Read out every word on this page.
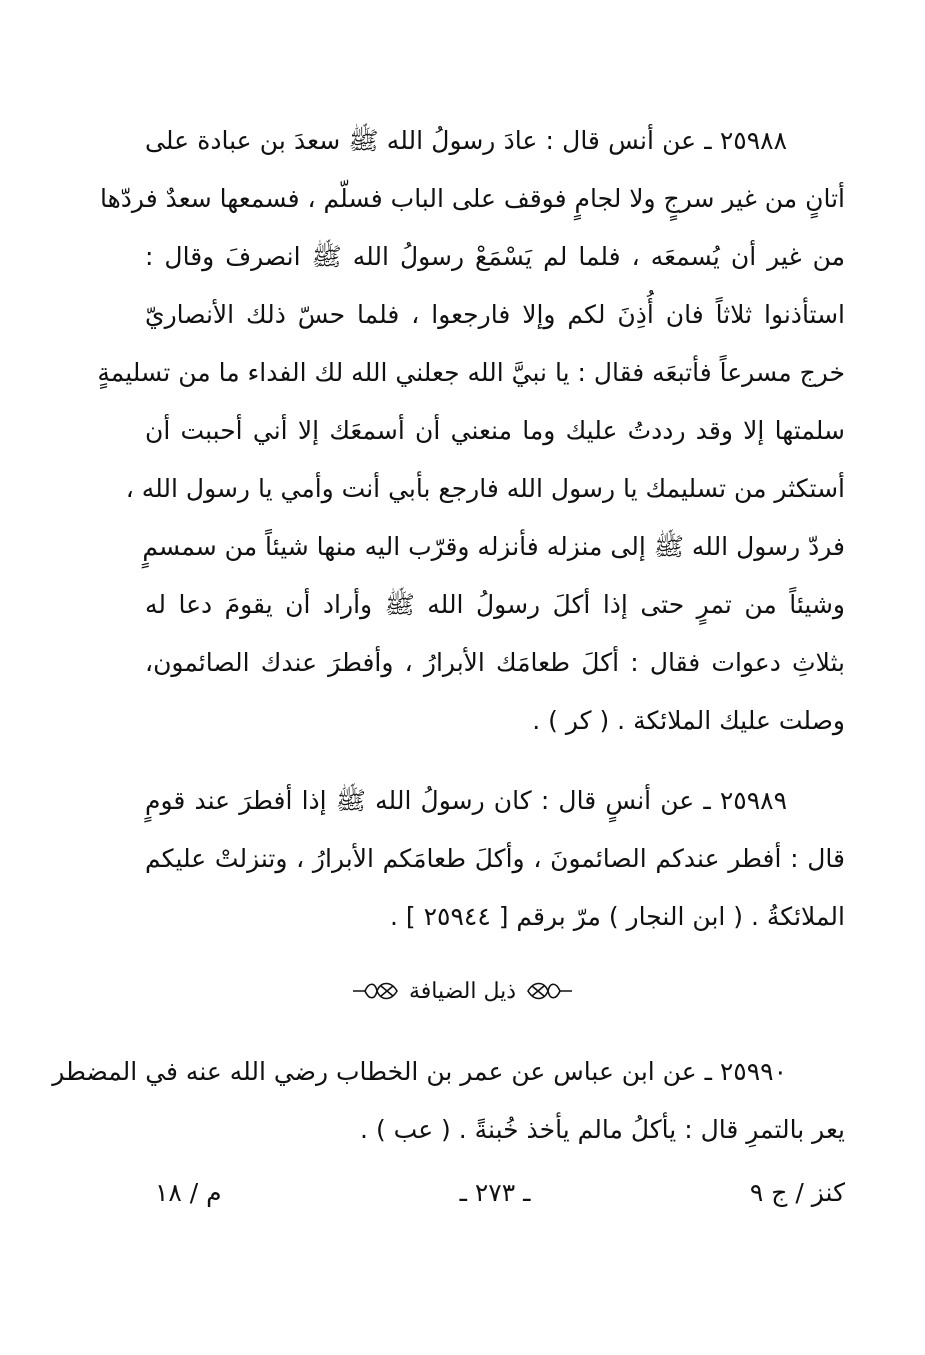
٢٥٩٨٨ ـ عن أنس قال : عادَ رسولُ الله ﷺ سعدَ بن عبادة على
أتانٍ من غير سرجٍ ولا لجامٍ فوقف على الباب فسلّم ، فسمعها سعدٌ فردّها
من غير أن يُسمعَه ، فلما لم يَسْمَعْ رسولُ الله ﷺ انصرفَ وقال :
استأذنوا ثلاثاً فان أُذِنَ لكم وإلا فارجعوا ، فلما حسّ ذلك الأنصاريّ
خرج مسرعاً فأتبعَه فقال : يا نبيَّ الله جعلني الله لك الفداء ما من تسليمةٍ
سلمتها إلا وقد رددتُ عليك وما منعني أن أسمعَك إلا أني أحببت أن
أستكثر من تسليمك يا رسول الله فارجع بأبي أنت وأمي يا رسول الله ،
فردّ رسول الله ﷺ إلى منزله فأنزله وقرّب اليه منها شيئاً من سمسمٍ
وشيئاً من تمرٍ حتى إذا أكلَ رسولُ الله ﷺ وأراد أن يقومَ دعا له
بثلاثِ دعوات فقال : أكلَ طعامَك الأبرارُ ، وأفطرَ عندك الصائمون،
وصلت عليك الملائكة . ( كر ) .
٢٥٩٨٩ ـ عن أنسٍ قال : كان رسولُ الله ﷺ إذا أفطرَ عند قومٍ
قال : أفطر عندكم الصائمونَ ، وأكلَ طعامَكم الأبرارُ ، وتنزلتْ عليكم
الملائكةُ . ( ابن النجار ) مرّ برقم [ ٢٥٩٤٤ ] .
ذيل الضيافة
٢٥٩٩٠ ـ عن ابن عباس عن عمر بن الخطاب رضي الله عنه في المضطر
يعر بالتمرِ قال : يأكلُ مالم يأخذ خُبنةً . ( عب ) .
م / ١٨	ـ ٢٧٣ ـ	كنز / ج ٩
